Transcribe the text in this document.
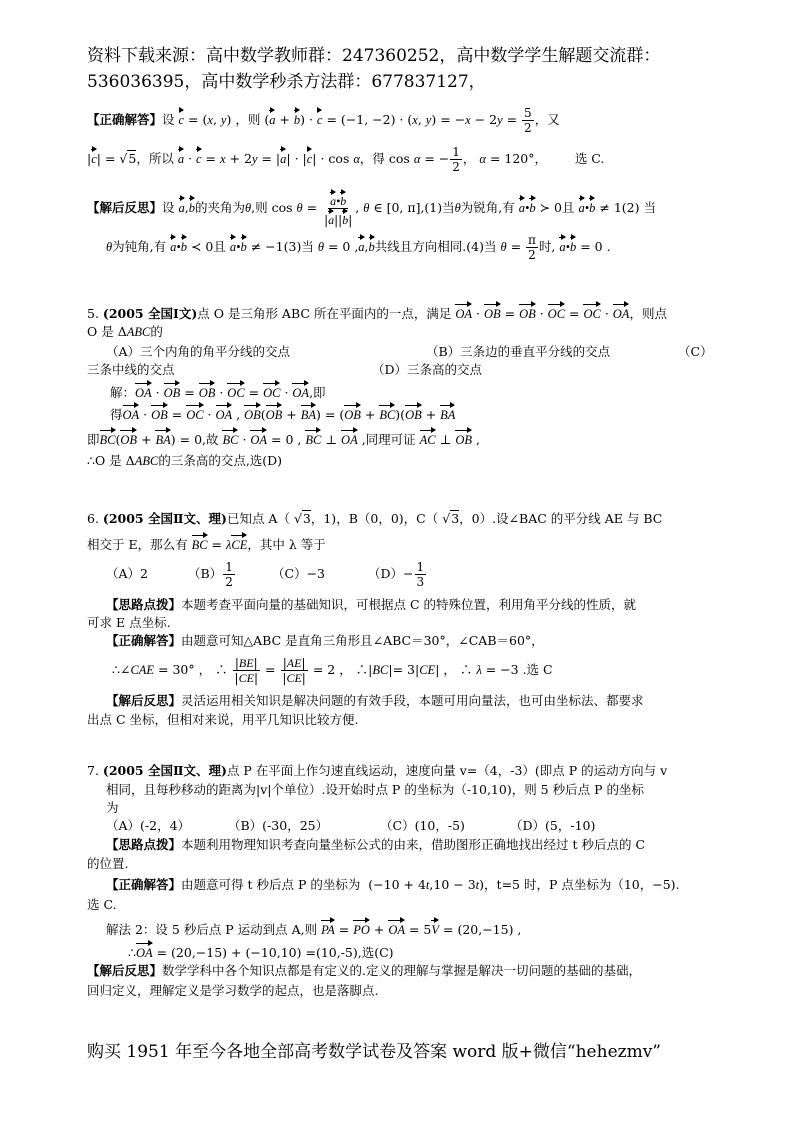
资料下载来源：高中数学教师群：247360252，高中数学学生解题交流群：
536036395，高中数学秒杀方法群：677837127，
【正确解答】设 c = (x, y) ，则 (a + b) · c = (−1, −2) · (x, $y) = -x - 2y = \frac{5}{2}$ ，又
|c| = √5，所以 a · c = x + 2y = |a| · |c| · cos α，得 cos α = − $\frac{1}{2}$ ， α = 120°，       选 C.
【解后反思】设 a,b的夹角为θ,则 $\cos \theta = \frac{a•b}{|a||b|}$ , θ ∈ [0, π],(1)当θ为锐角,有 a•b ≻ 0且 a•b ≠ 1(2) 当
θ为钝角,有 a•b ≺ 0且 a•b ≠ −1(3)当 θ = 0 ,a,b共线且方向相同.(4)当 $\theta = \frac{\pi}{2}$ 时, a•b = 0 .
5. (2005 全国Ⅰ文)点 O 是三角形 ABC 所在平面内的一点，满足 OA · OB = OB · OC = OC · OA，则点
O 是 ΔABC的
（A）三个内角的角平分线的交点	（B）三条边的垂直平分线的交点	（C）
三条中线的交点	（D）三条高的交点
解：OA · OB = OB · OC = OC · OA,即
得OA · OB = OC · OA , OB(OB + BA) = (OB + BC)(OB + BA
即BC(OB + BA) = 0,故 BC · OA = 0 , BC ⊥ OA ,同理可证 AC ⊥ OB ,
∴O 是 ΔABC的三条高的交点,选(D)
6. (2005 全国Ⅱ文、理)已知点 A（ √3，1)，B（0，0)，C（ √3，0）.设∠BAC 的平分线 AE 与 BC
相交于 E，那么有 BC = λCE，其中 λ 等于
（A）2	$(B) \frac{1}{2}$	（C）−3	$(D)- \frac{1}{3}$
【思路点拨】本题考查平面向量的基础知识，可根据点 C 的特殊位置，利用角平分线的性质，就
可求 E 点坐标.
【正确解答】由题意可知△ABC 是直角三角形且∠ABC＝30°，∠CAB＝60°，
∴∠CAE = 30° ， ∴ $\frac{|BE|}{|CE|} = \frac{|AE|}{|CE|} = 2$ ， ∴|BC|= 3|CE| ， ∴ λ = −3 .选 C
【解后反思】灵活运用相关知识是解决问题的有效手段，本题可用向量法，也可由坐标法、都要求
出点 C 坐标，但相对来说，用平几知识比较方便.
7. (2005 全国Ⅱ文、理)点 P 在平面上作匀速直线运动，速度向量 v=（4，-3）(即点 P 的运动方向与 v
相同，且每秒移动的距离为|v|个单位）.设开始时点 P 的坐标为（-10,10)，则 5 秒后点 P 的坐标
为
（A）(-2，4）	（B）(-30，25）	（C）(10，-5)	（D）(5，-10)
【思路点拨】本题利用物理知识考查向量坐标公式的由来，借助图形正确地找出经过 t 秒后点的 C
的位置.
【正确解答】由题意可得 t 秒后点 P 的坐标为  (−10 + 4t,10 − 3t)，t=5 时，P 点坐标为（10，−5).
选 C.
解法 2：设 5 秒后点 P 运动到点 A,则 PA = PO + OA = 5V = (20,−15) ,
∴OA = (20,−15) + (−10,10) =(10,-5),选(C)
【解后反思】数学学科中各个知识点都是有定义的.定义的理解与掌握是解决一切问题的基础的基础，
回归定义，理解定义是学习数学的起点，也是落脚点.
购买 1951 年至今各地全部高考数学试卷及答案 word 版+微信“hehezmv”
